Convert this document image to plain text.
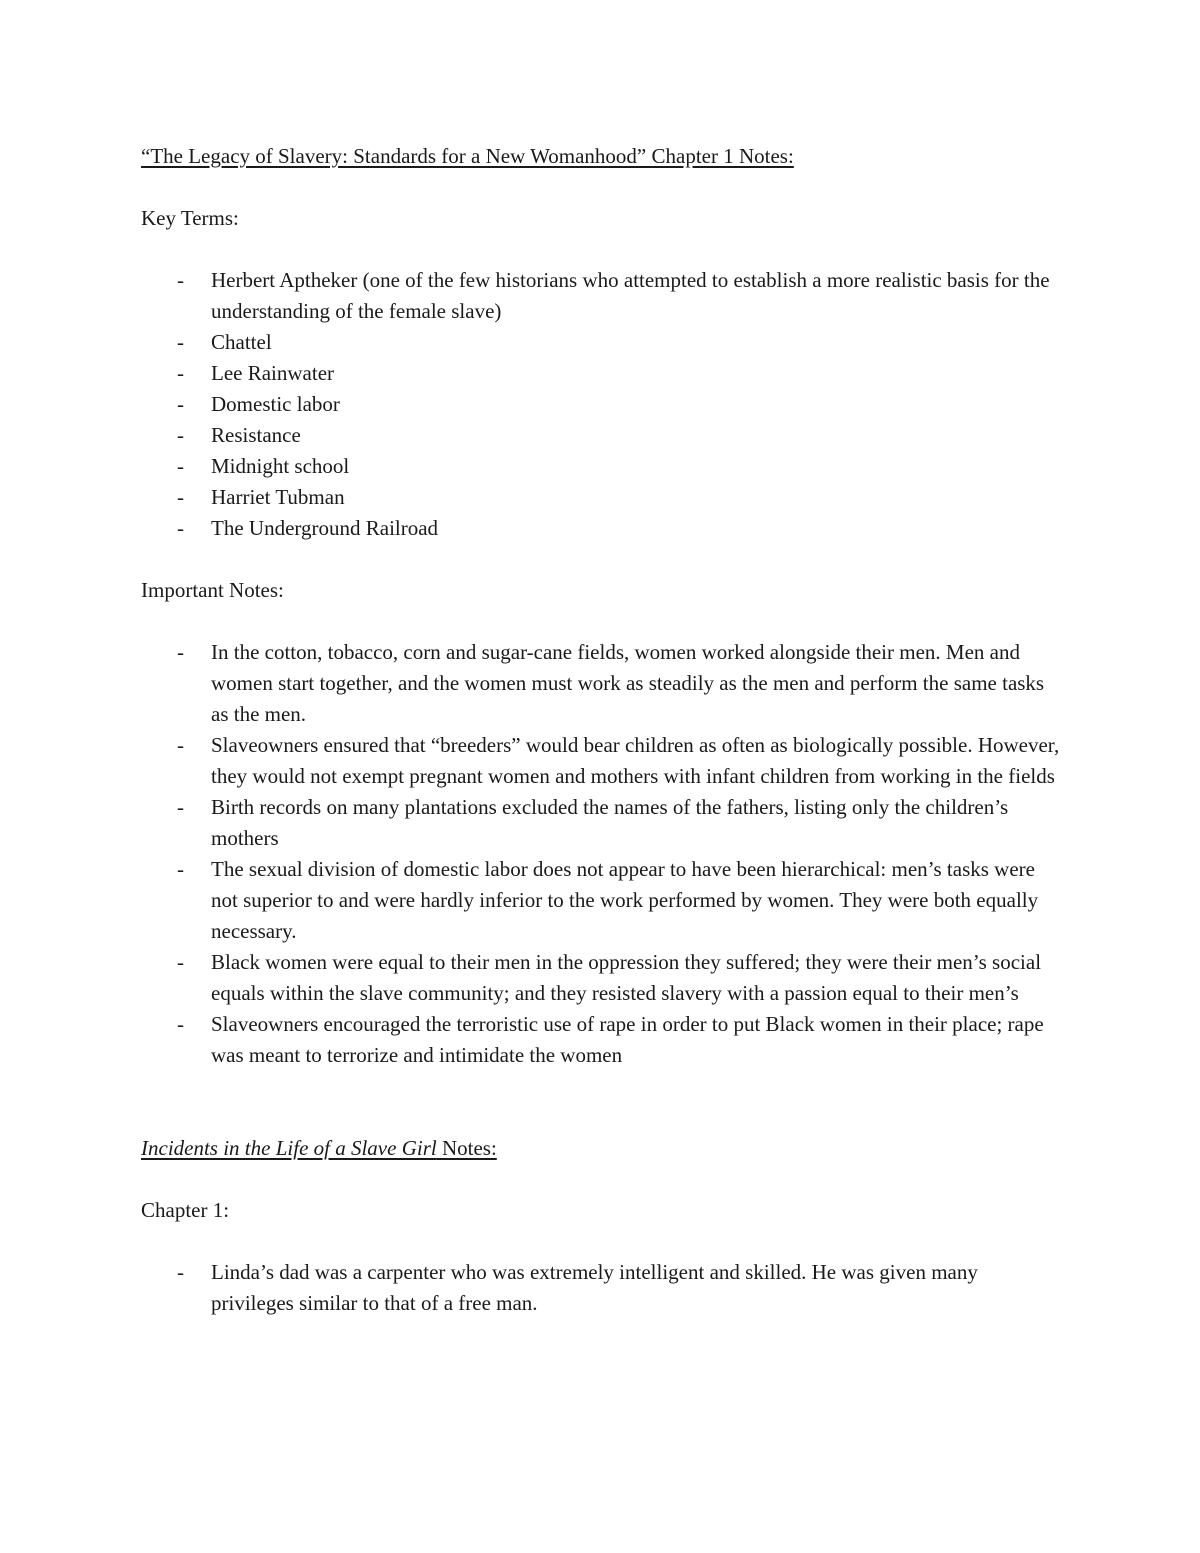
“The Legacy of Slavery: Standards for a New Womanhood” Chapter 1 Notes:

Key Terms:

- Herbert Aptheker (one of the few historians who attempted to establish a more realistic basis for the understanding of the female slave)
- Chattel
- Lee Rainwater
- Domestic labor
- Resistance
- Midnight school
- Harriet Tubman
- The Underground Railroad

Important Notes:

- In the cotton, tobacco, corn and sugar-cane fields, women worked alongside their men. Men and women start together, and the women must work as steadily as the men and perform the same tasks as the men.
- Slaveowners ensured that “breeders” would bear children as often as biologically possible. However, they would not exempt pregnant women and mothers with infant children from working in the fields
- Birth records on many plantations excluded the names of the fathers, listing only the children’s mothers
- The sexual division of domestic labor does not appear to have been hierarchical: men’s tasks were not superior to and were hardly inferior to the work performed by women. They were both equally necessary.
- Black women were equal to their men in the oppression they suffered; they were their men’s social equals within the slave community; and they resisted slavery with a passion equal to their men’s
- Slaveowners encouraged the terroristic use of rape in order to put Black women in their place; rape was meant to terrorize and intimidate the women

Incidents in the Life of a Slave Girl Notes:

Chapter 1:

- Linda’s dad was a carpenter who was extremely intelligent and skilled. He was given many privileges similar to that of a free man.
